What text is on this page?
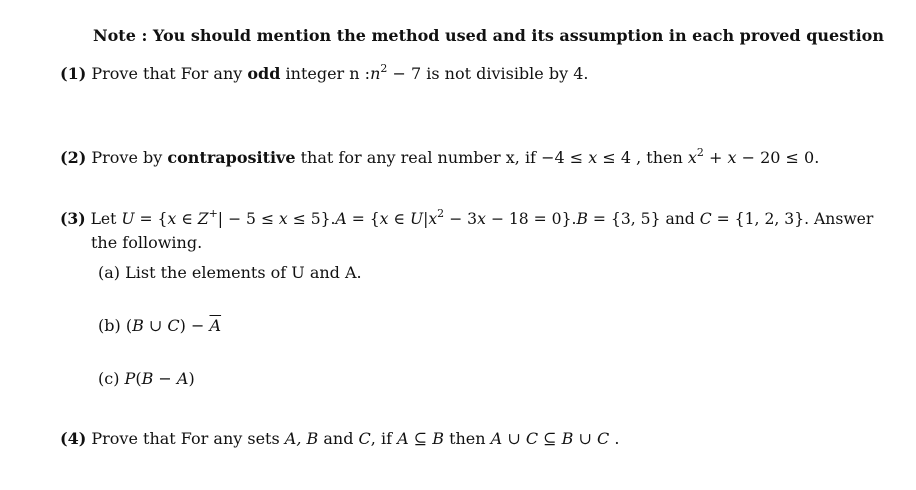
Note : You should mention the method used and its assumption in each proved question
(1) Prove that For any odd integer n $:n^2 - 7$ is not divisible by 4.
(2) Prove by contrapositive that for any real number x, if −4 ≤ x ≤ 4 , then $x^2 + x - 20 \le 0$.
(3) Let U = {x ∈ Z+| − 5 ≤ x ≤ 5}.A = {x ∈ $U|x^2 - 3x - 18 = 0\}.B = \{3$, 5} and C = {1, 2, 3}. Answer
the following.
(a) List the elements of U and A.
(b) (B ∪ $C) - \overline{A}$
(c) P(B − A)
(4) Prove that For any sets A, B and C, if A ⊆ B then A ∪ C ⊆ B ∪ C .
